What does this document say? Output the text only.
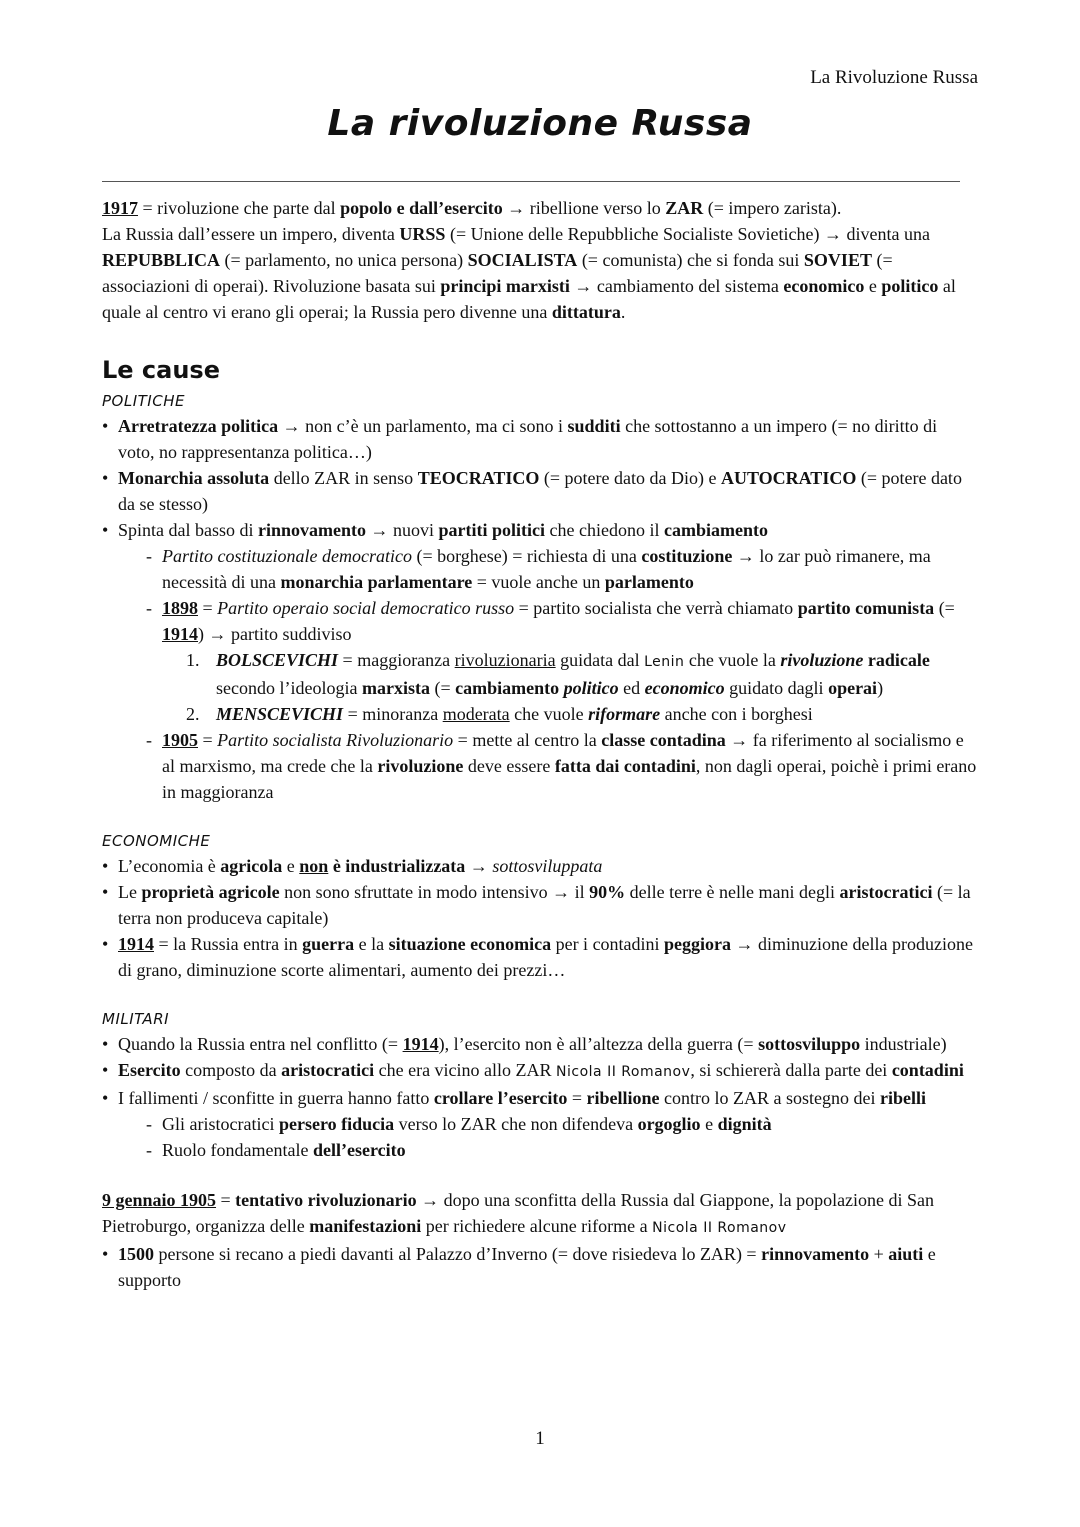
La Rivoluzione Russa
La rivoluzione Russa

1917 = rivoluzione che parte dal popolo e dall’esercito → ribellione verso lo ZAR (= impero zarista).
La Russia dall’essere un impero, diventa URSS (= Unione delle Repubbliche Socialiste Sovietiche) → diventa una REPUBBLICA (= parlamento, no unica persona) SOCIALISTA (= comunista) che si fonda sui SOVIET (= associazioni di operai). Rivoluzione basata sui principi marxisti → cambiamento del sistema economico e politico al quale al centro vi erano gli operai; la Russia pero divenne una dittatura.

Le cause

POLITICHE

• Arretratezza politica → non c’è un parlamento, ma ci sono i sudditi che sottostanno a un impero (= no diritto di voto, no rappresentanza politica…)
• Monarchia assoluta dello ZAR in senso TEOCRATICO (= potere dato da Dio) e AUTOCRATICO (= potere dato da se stesso)
• Spinta dal basso di rinnovamento → nuovi partiti politici che chiedono il cambiamento
- Partito costituzionale democratico (= borghese) = richiesta di una costituzione → lo zar può rimanere, ma necessità di una monarchia parlamentare = vuole anche un parlamento
- 1898 = Partito operaio social democratico russo = partito socialista che verrà chiamato partito comunista (= 1914) → partito suddiviso
1. BOLSCEVICHI = maggioranza rivoluzionaria guidata dal Lenin che vuole la rivoluzione radicale secondo l’ideologia marxista (= cambiamento politico ed economico guidato dagli operai)
2. MENSCEVICHI = minoranza moderata che vuole riformare anche con i borghesi
- 1905 = Partito socialista Rivoluzionario = mette al centro la classe contadina → fa riferimento al socialismo e al marxismo, ma crede che la rivoluzione deve essere fatta dai contadini, non dagli operai, poichè i primi erano in maggioranza

ECONOMICHE

• L’economia è agricola e non è industrializzata → sottosviluppata
• Le proprietà agricole non sono sfruttate in modo intensivo → il 90% delle terre è nelle mani degli aristocratici (= la terra non produceva capitale)
• 1914 = la Russia entra in guerra e la situazione economica per i contadini peggiora → diminuzione della produzione di grano, diminuzione scorte alimentari, aumento dei prezzi…

MILITARI

• Quando la Russia entra nel conflitto (= 1914), l’esercito non è all’altezza della guerra (= sottosviluppo industriale)
• Esercito composto da aristocratici che era vicino allo ZAR Nicola II Romanov, si schiererà dalla parte dei contadini
• I fallimenti / sconfitte in guerra hanno fatto crollare l’esercito = ribellione contro lo ZAR a sostegno dei ribelli
- Gli aristocratici persero fiducia verso lo ZAR che non difendeva orgoglio e dignità
- Ruolo fondamentale dell’esercito

9 gennaio 1905 = tentativo rivoluzionario → dopo una sconfitta della Russia dal Giappone, la popolazione di San Pietroburgo, organizza delle manifestazioni per richiedere alcune riforme a Nicola II Romanov

• 1500 persone si recano a piedi davanti al Palazzo d’Inverno (= dove risiedeva lo ZAR) = rinnovamento + aiuti e supporto
1
